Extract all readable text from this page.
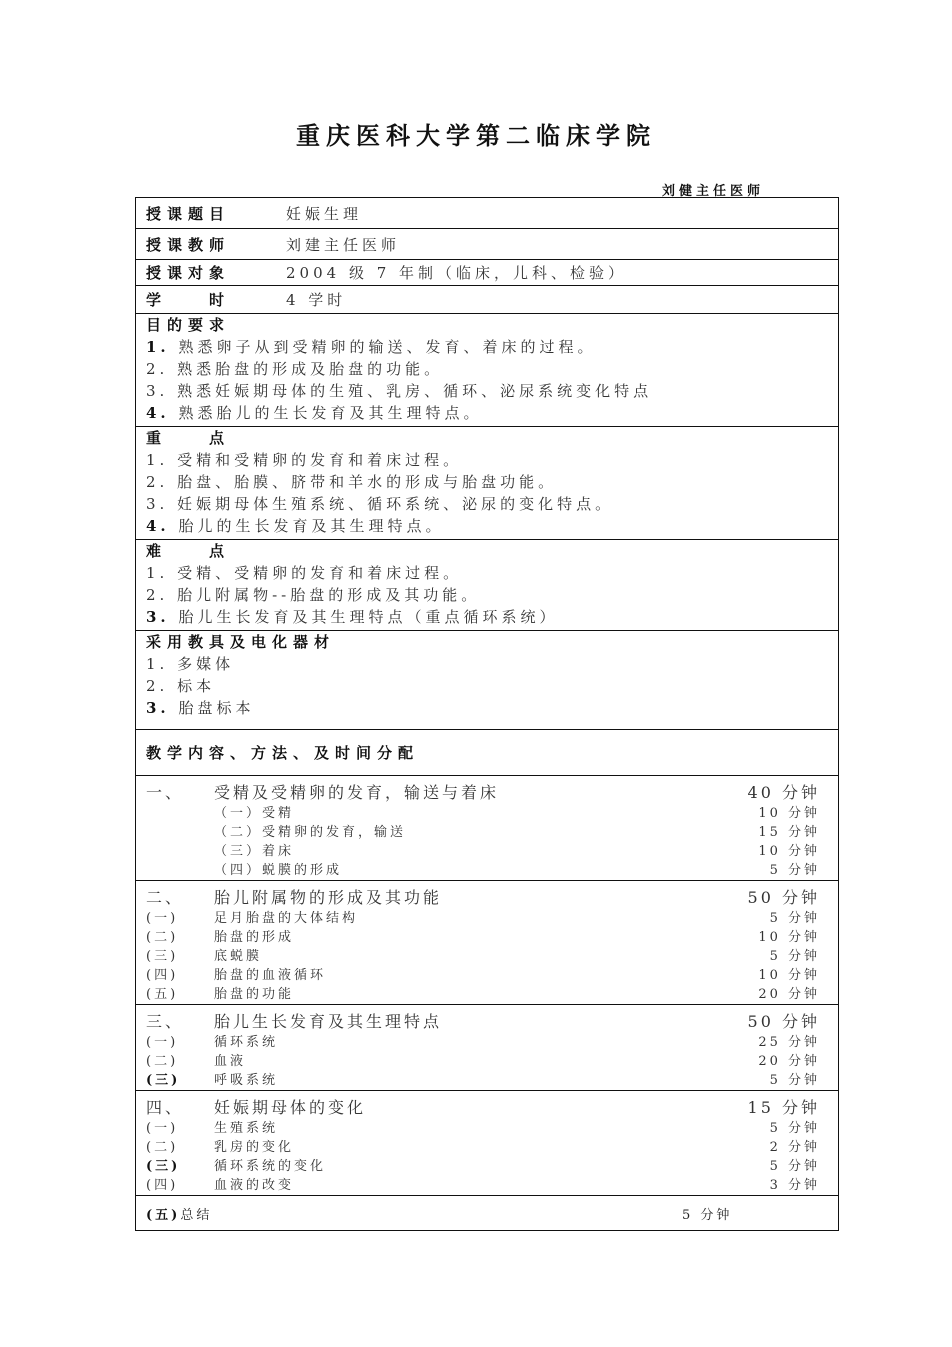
重庆医科大学第二临床学院
刘健主任医师
授课题目	妊娠生理
授课教师	刘建主任医师
授课对象	2004 级 7 年制（临床，儿科、检验）
学　　时	4 学时
目的要求
1. 熟悉卵子从到受精卵的输送、发育、着床的过程。
2. 熟悉胎盘的形成及胎盘的功能。
3. 熟悉妊娠期母体的生殖、乳房、循环、泌尿系统变化特点
4. 熟悉胎儿的生长发育及其生理特点。
重　　点
1. 受精和受精卵的发育和着床过程。
2. 胎盘、胎膜、脐带和羊水的形成与胎盘功能。
3. 妊娠期母体生殖系统、循环系统、泌尿的变化特点。
4. 胎儿的生长发育及其生理特点。
难　　点
1. 受精、受精卵的发育和着床过程。
2. 胎儿附属物--胎盘的形成及其功能。
3. 胎儿生长发育及其生理特点（重点循环系统）
采用教具及电化器材
1. 多媒体
2. 标本
3. 胎盘标本
教学内容、方法、及时间分配
一、	受精及受精卵的发育，输送与着床	40 分钟
（一）受精	10 分钟
（二）受精卵的发育，输送	15 分钟
（三）着床	10 分钟
（四）蜕膜的形成	5 分钟
二、	胎儿附属物的形成及其功能	50 分钟
(一)	足月胎盘的大体结构	5 分钟
(二)	胎盘的形成	10 分钟
(三)	底蜕膜	5 分钟
(四)	胎盘的血液循环	10 分钟
(五)	胎盘的功能	20 分钟
三、	胎儿生长发育及其生理特点	50 分钟
(一)	循环系统	25 分钟
(二)	血液	20 分钟
(三)	呼吸系统	5 分钟
四、	妊娠期母体的变化	15 分钟
(一)	生殖系统	5 分钟
(二)	乳房的变化	2 分钟
(三)	循环系统的变化	5 分钟
(四)	血液的改变	3 分钟
(五)总结	5 分钟
